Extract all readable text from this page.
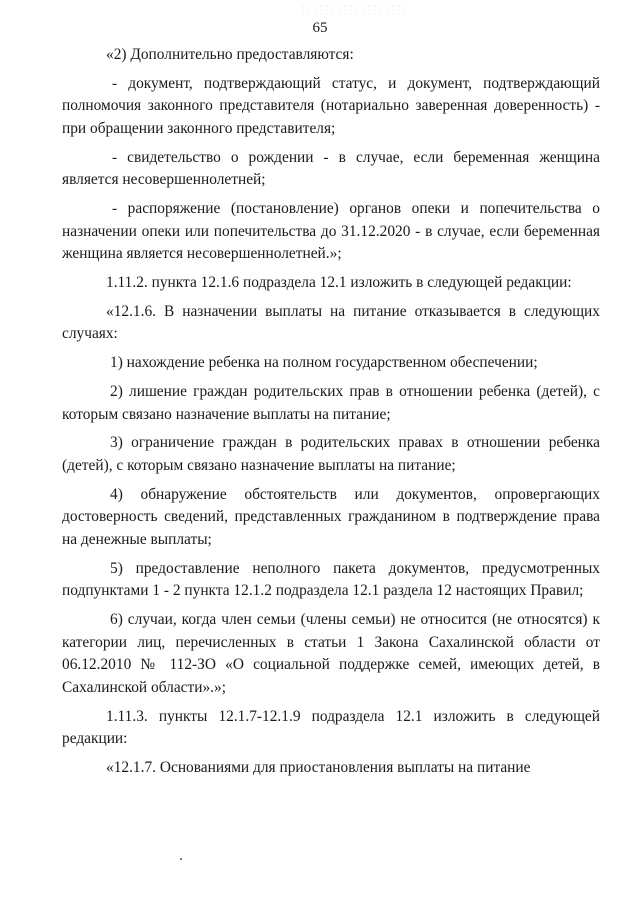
65

«2) Дополнительно предоставляются:

- документ, подтверждающий статус, и документ, подтверждающий полномочия законного представителя (нотариально заверенная доверенность) - при обращении законного представителя;

- свидетельство о рождении - в случае, если беременная женщина является несовершеннолетней;

- распоряжение (постановление) органов опеки и попечительства о назначении опеки или попечительства до 31.12.2020 - в случае, если беременная женщина является несовершеннолетней.»;

1.11.2. пункта 12.1.6 подраздела 12.1 изложить в следующей редакции:

«12.1.6. В назначении выплаты на питание отказывается в следующих случаях:

1) нахождение ребенка на полном государственном обеспечении;

2) лишение граждан родительских прав в отношении ребенка (детей), с которым связано назначение выплаты на питание;

3) ограничение граждан в родительских правах в отношении ребенка (детей), с которым связано назначение выплаты на питание;

4) обнаружение обстоятельств или документов, опровергающих достоверность сведений, представленных гражданином в подтверждение права на денежные выплаты;

5) предоставление неполного пакета документов, предусмотренных подпунктами 1 - 2 пункта 12.1.2 подраздела 12.1 раздела 12 настоящих Правил;

6) случаи, когда член семьи (члены семьи) не относится (не относятся) к категории лиц, перечисленных в статьи 1 Закона Сахалинской области от 06.12.2010 № 112-ЗО «О социальной поддержке семей, имеющих детей, в Сахалинской области».»;

1.11.3. пункты 12.1.7-12.1.9 подраздела 12.1 изложить в следующей редакции:

«12.1.7. Основаниями для приостановления выплаты на питание
